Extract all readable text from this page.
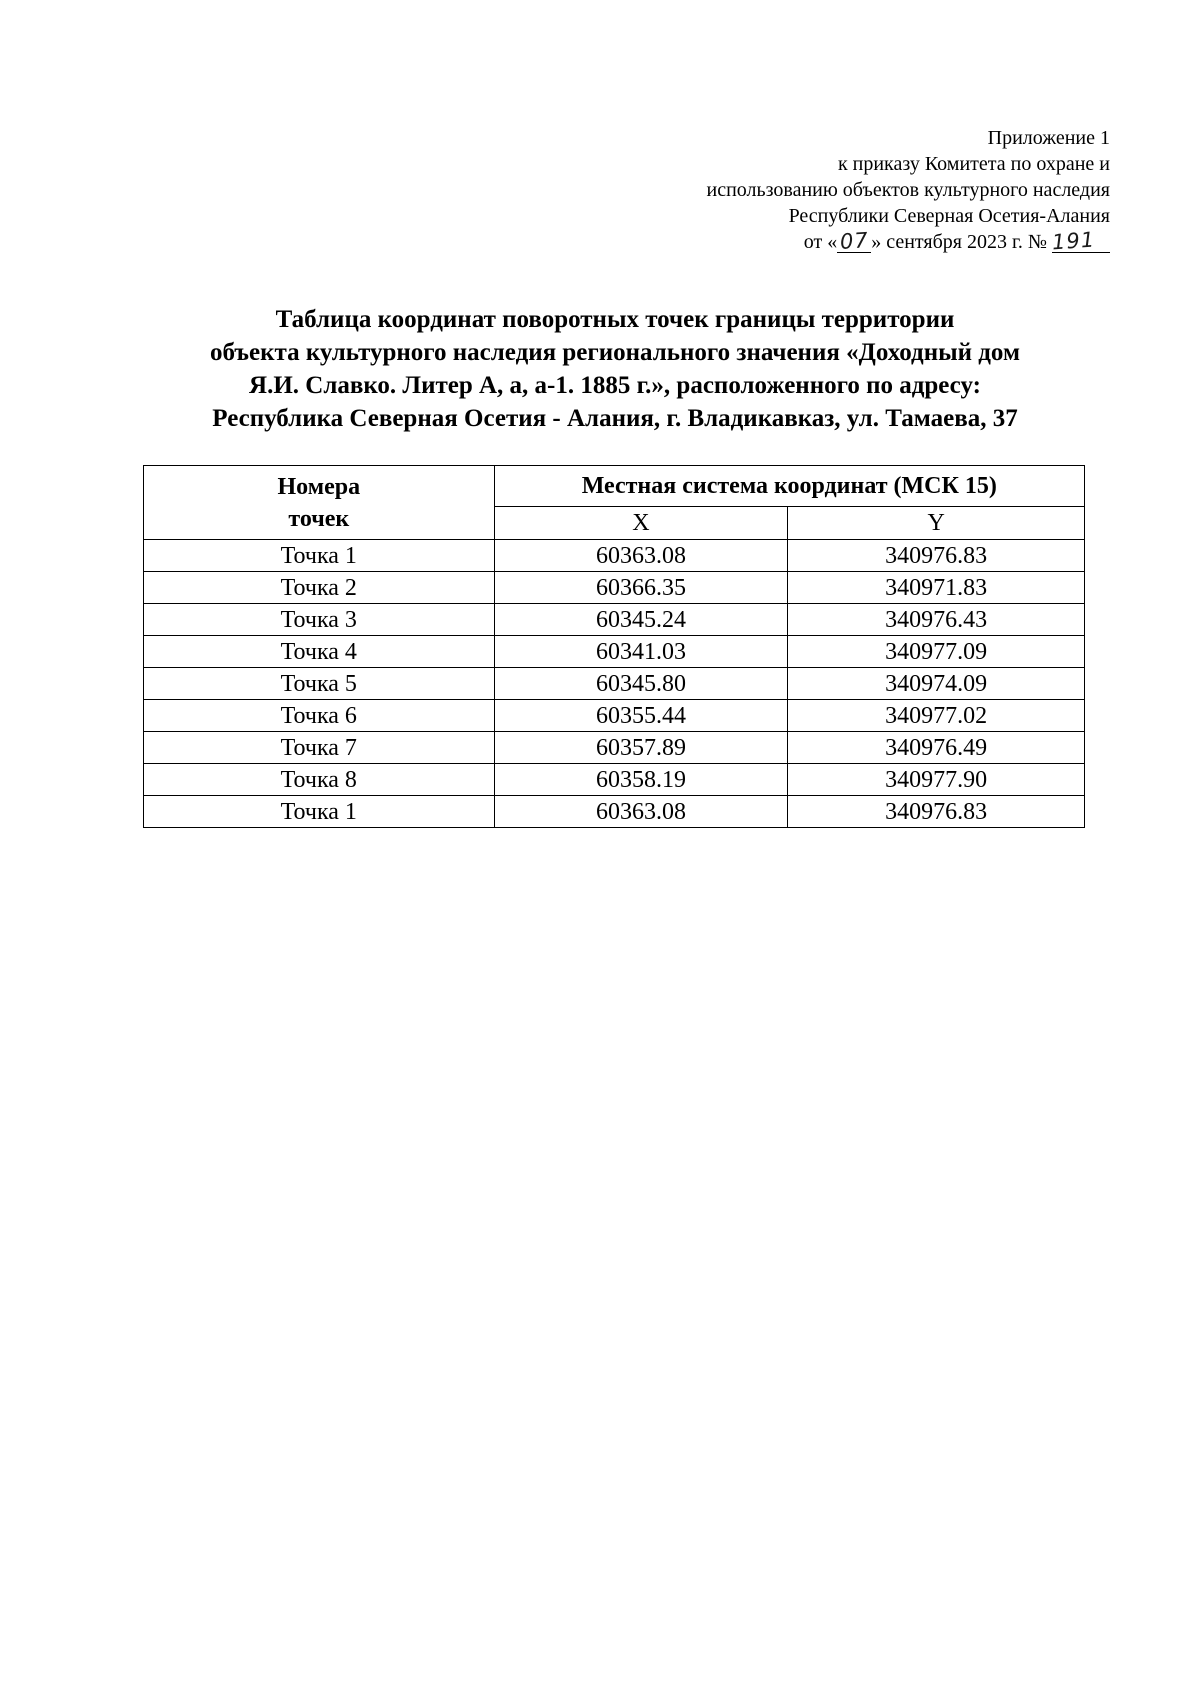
Приложение 1
к приказу Комитета по охране и
использованию объектов культурного наследия
Республики Северная Осетия-Алания
от «07» сентября 2023 г. № 191
Таблица координат поворотных точек границы территории
объекта культурного наследия регионального значения «Доходный дом
Я.И. Славко. Литер А, а, а-1. 1885 г.», расположенного по адресу:
Республика Северная Осетия - Алания, г. Владикавказ, ул. Тамаева, 37
Номера
точек	Местная система координат (МСК 15)	
	X	Y
Точка 1	60363.08	340976.83
Точка 2	60366.35	340971.83
Точка 3	60345.24	340976.43
Точка 4	60341.03	340977.09
Точка 5	60345.80	340974.09
Точка 6	60355.44	340977.02
Точка 7	60357.89	340976.49
Точка 8	60358.19	340977.90
Точка 1	60363.08	340976.83
